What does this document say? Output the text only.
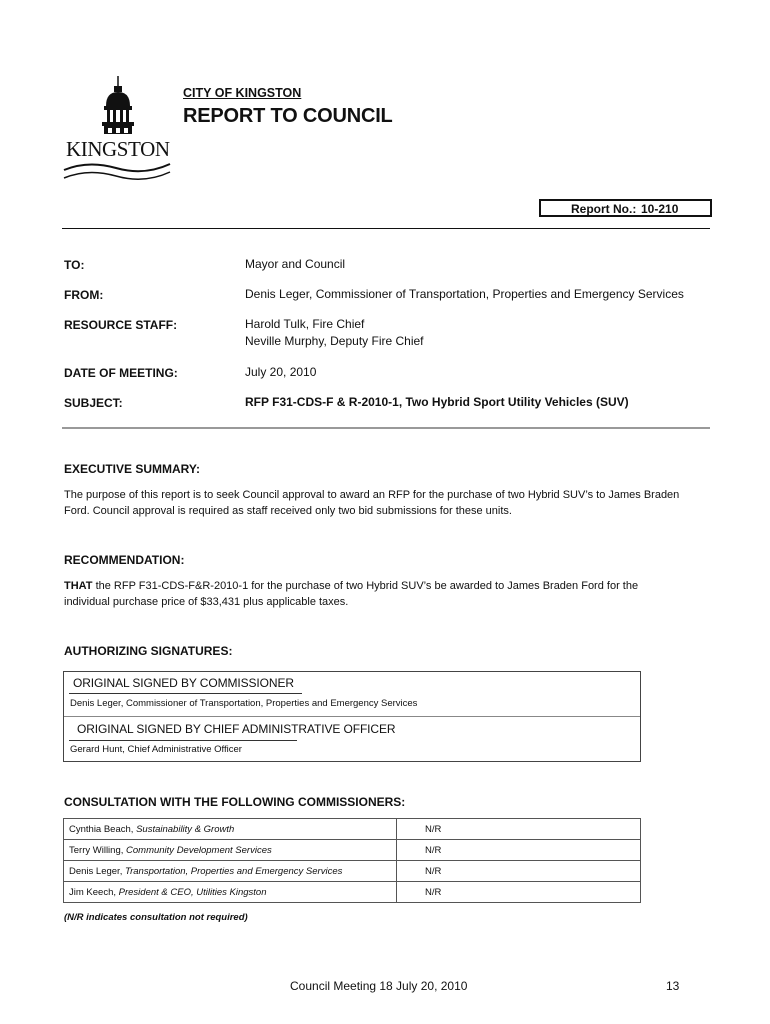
KINGSTON
CITY OF KINGSTON
REPORT TO COUNCIL
Report No.: 10-210
TO:	Mayor and Council
FROM:	Denis Leger, Commissioner of Transportation, Properties and Emergency Services
RESOURCE STAFF:	Harold Tulk, Fire Chief
Neville Murphy, Deputy Fire Chief
DATE OF MEETING:	July 20, 2010
SUBJECT:	RFP F31-CDS-F & R-2010-1, Two Hybrid Sport Utility Vehicles (SUV)
EXECUTIVE SUMMARY:
The purpose of this report is to seek Council approval to award an RFP for the purchase of two Hybrid SUV’s to James Braden
Ford. Council approval is required as staff received only two bid submissions for these units.
RECOMMENDATION:
THAT the RFP F31-CDS-F&R-2010-1 for the purchase of two Hybrid SUV’s be awarded to James Braden Ford for the
individual purchase price of $33,431 plus applicable taxes.
AUTHORIZING SIGNATURES:
ORIGINAL SIGNED BY COMMISSIONER
Denis Leger, Commissioner of Transportation, Properties and Emergency Services
ORIGINAL SIGNED BY CHIEF ADMINISTRATIVE OFFICER
Gerard Hunt, Chief Administrative Officer
CONSULTATION WITH THE FOLLOWING COMMISSIONERS:
Cynthia Beach, Sustainability & Growth	N/R
Terry Willing, Community Development Services	N/R
Denis Leger, Transportation, Properties and Emergency Services	N/R
Jim Keech, President & CEO, Utilities Kingston	N/R
(N/R indicates consultation not required)
Council Meeting 18 July 20, 2010	13
